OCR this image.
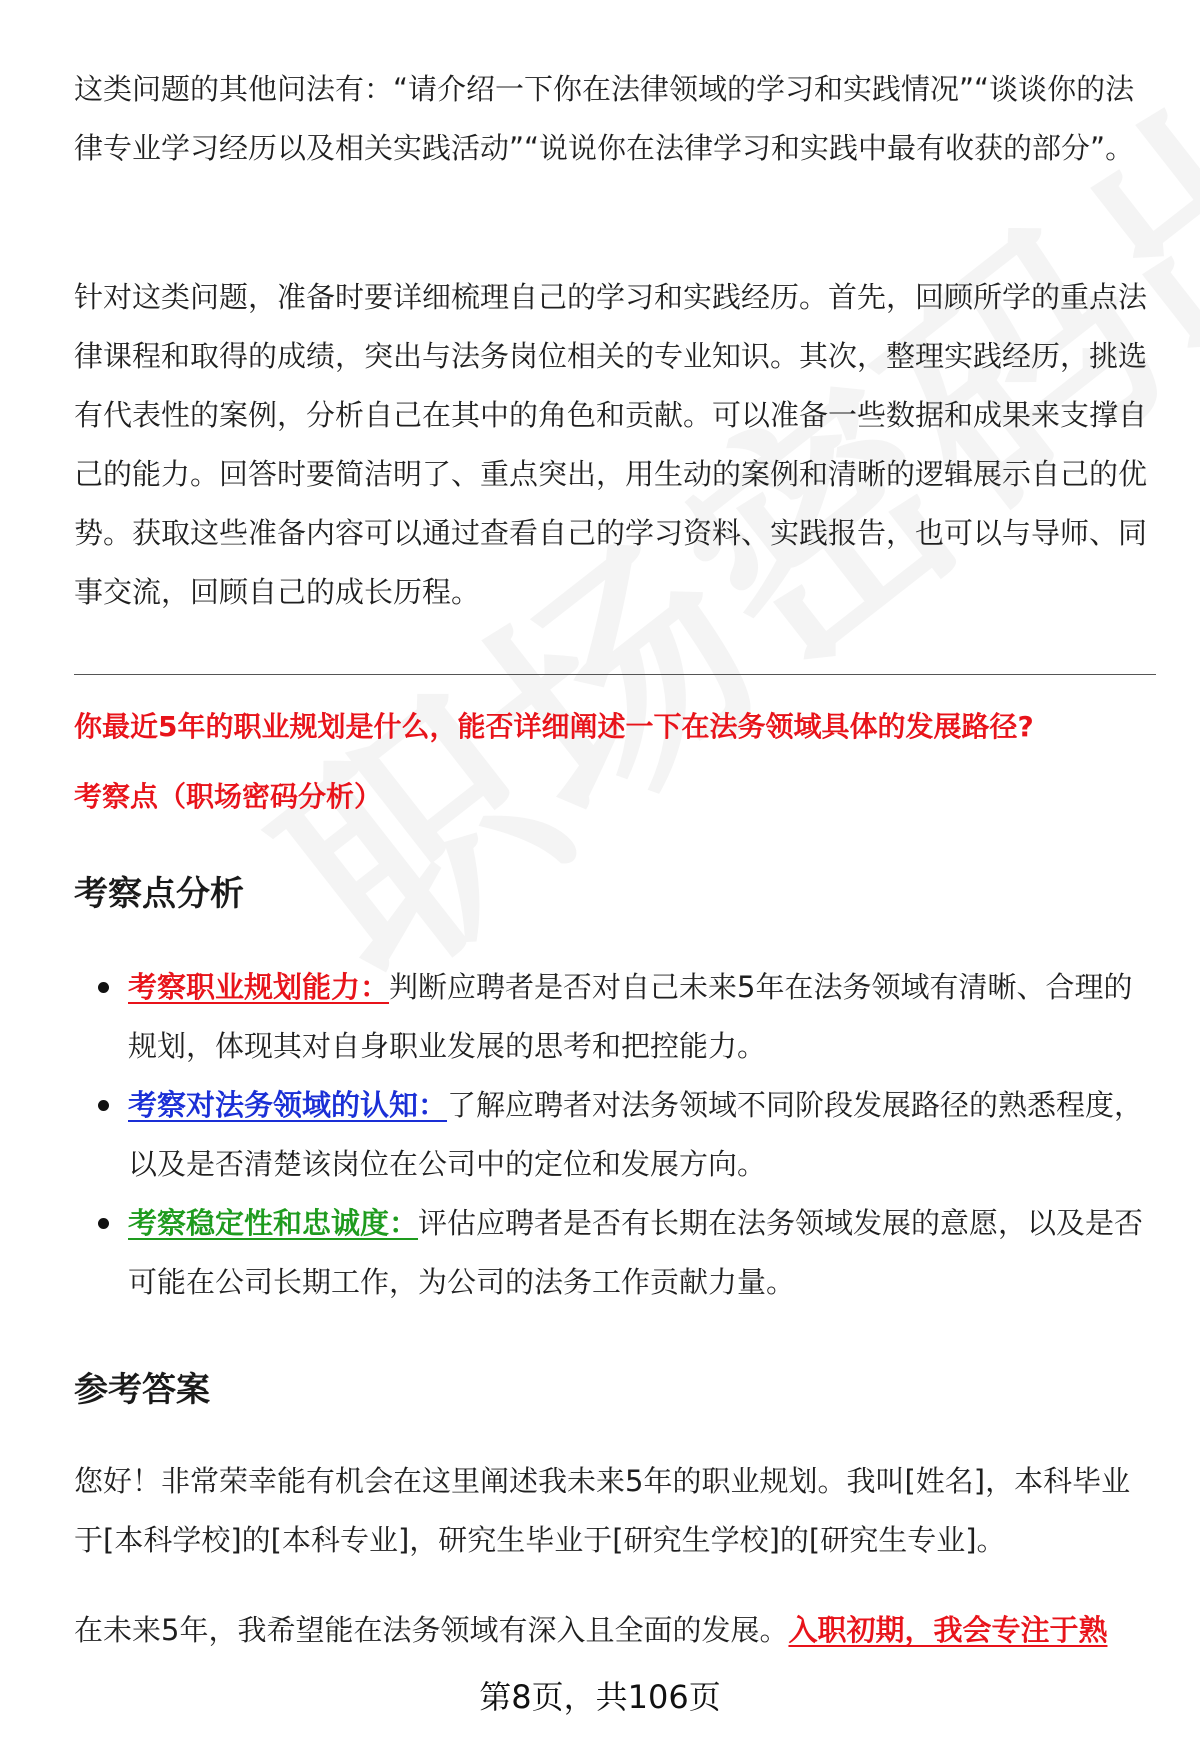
这类问题的其他问法有：“请介绍一下你在法律领域的学习和实践情况”“谈谈你的法律专业学习经历以及相关实践活动”“说说你在法律学习和实践中最有收获的部分”。

针对这类问题，准备时要详细梳理自己的学习和实践经历。首先，回顾所学的重点法律课程和取得的成绩，突出与法务岗位相关的专业知识。其次，整理实践经历，挑选有代表性的案例，分析自己在其中的角色和贡献。可以准备一些数据和成果来支撑自己的能力。回答时要简洁明了、重点突出，用生动的案例和清晰的逻辑展示自己的优势。获取这些准备内容可以通过查看自己的学习资料、实践报告，也可以与导师、同事交流，回顾自己的成长历程。

你最近5年的职业规划是什么，能否详细阐述一下在法务领域具体的发展路径?

考察点（职场密码分析）

考察点分析
考察职业规划能力：判断应聘者是否对自己未来5年在法务领域有清晰、合理的规划，体现其对自身职业发展的思考和把控能力。
考察对法务领域的认知：了解应聘者对法务领域不同阶段发展路径的熟悉程度，以及是否清楚该岗位在公司中的定位和发展方向。
考察稳定性和忠诚度：评估应聘者是否有长期在法务领域发展的意愿，以及是否可能在公司长期工作，为公司的法务工作贡献力量。
参考答案

您好！非常荣幸能有机会在这里阐述我未来5年的职业规划。我叫[姓名]，本科毕业于[本科学校]的[本科专业]，研究生毕业于[研究生学校]的[研究生专业]。

在未来5年，我希望能在法务领域有深入且全面的发展。入职初期，我会专注于熟

第8页，共106页
